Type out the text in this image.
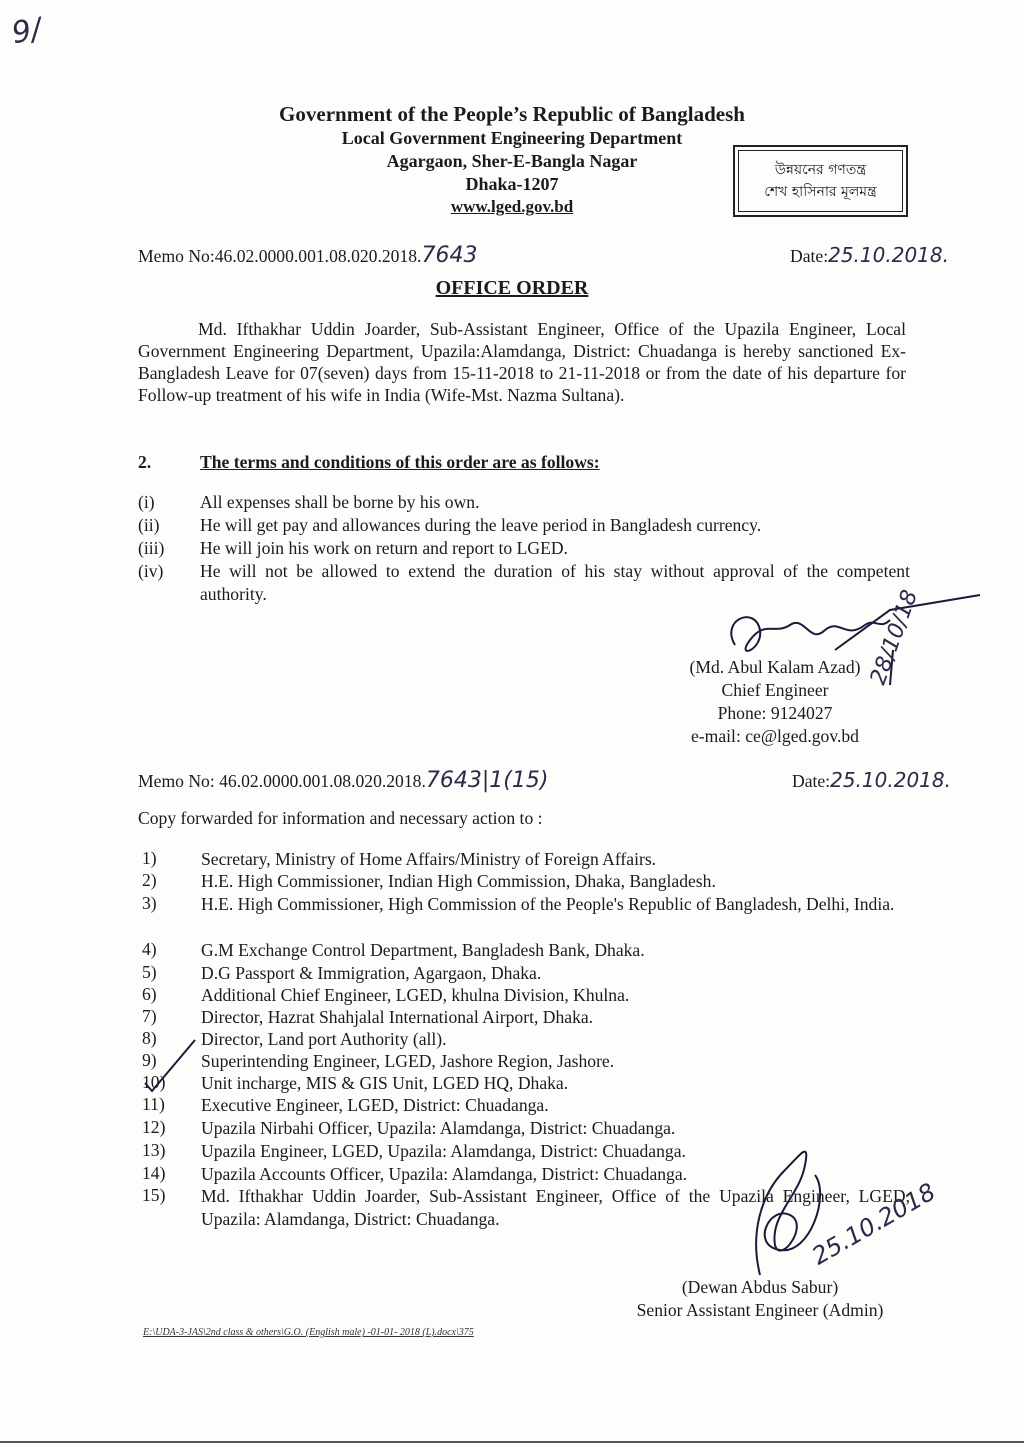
9/
Government of the People’s Republic of Bangladesh
Local Government Engineering Department
Agargaon, Sher-E-Bangla Nagar
Dhaka-1207
www.lged.gov.bd
উন্নয়নের গণতন্ত্র
শেখ হাসিনার মূলমন্ত্র
Memo No:46.02.0000.001.08.020.2018.7643	Date:25.10.2018.
OFFICE ORDER

Md. Ifthakhar Uddin Joarder, Sub-Assistant Engineer, Office of the Upazila Engineer, Local Government Engineering Department, Upazila:Alamdanga, District: Chuadanga is hereby sanctioned Ex-Bangladesh Leave for 07(seven) days from 15-11-2018 to 21-11-2018 or from the date of his departure for Follow-up treatment of his wife in India (Wife-Mst. Nazma Sultana).

2.	The terms and conditions of this order are as follows:
(i)	All expenses shall be borne by his own.
(ii) He will get pay and allowances during the leave period in Bangladesh currency.
(iii) He will join his work on return and report to LGED.
(iv) He will not be allowed to extend the duration of his stay without approval of the competent authority.	28/10/18
(Md. Abul Kalam Azad)
Chief Engineer
Phone: 9124027
e-mail: ce@lged.gov.bd
Memo No: 46.02.0000.001.08.020.2018.7643|1(15)	Date:25.10.2018.
Copy forwarded for information and necessary action to :
1)	Secretary, Ministry of Home Affairs/Ministry of Foreign Affairs.
2)	H.E. High Commissioner, Indian High Commission, Dhaka, Bangladesh.
3)	H.E. High Commissioner, High Commission of the People's Republic of Bangladesh, Delhi, India.
4)	G.M Exchange Control Department, Bangladesh Bank, Dhaka.
5)	D.G Passport & Immigration, Agargaon, Dhaka.
6)	Additional Chief Engineer, LGED, khulna Division, Khulna.
7)	Director, Hazrat Shahjalal International Airport, Dhaka.
8)	Director, Land port Authority (all).
9)	Superintending Engineer, LGED, Jashore Region, Jashore.
10) Unit incharge, MIS & GIS Unit, LGED HQ, Dhaka.
11) Executive Engineer, LGED, District: Chuadanga.
12) Upazila Nirbahi Officer, Upazila: Alamdanga, District: Chuadanga.
13) Upazila Engineer, LGED, Upazila: Alamdanga, District: Chuadanga.
14) Upazila Accounts Officer, Upazila: Alamdanga, District: Chuadanga.
15) Md. Ifthakhar Uddin Joarder, Sub-Assistant Engineer, Office of the Upazila Engineer, LGED, Upazila: Alamdanga, District: Chuadanga.	25.10.2018
(Dewan Abdus Sabur)
Senior Assistant Engineer (Admin)
E:\UDA-3-JAS\2nd class & others\G.O. (English male) -01-01- 2018 (L).docx\375
